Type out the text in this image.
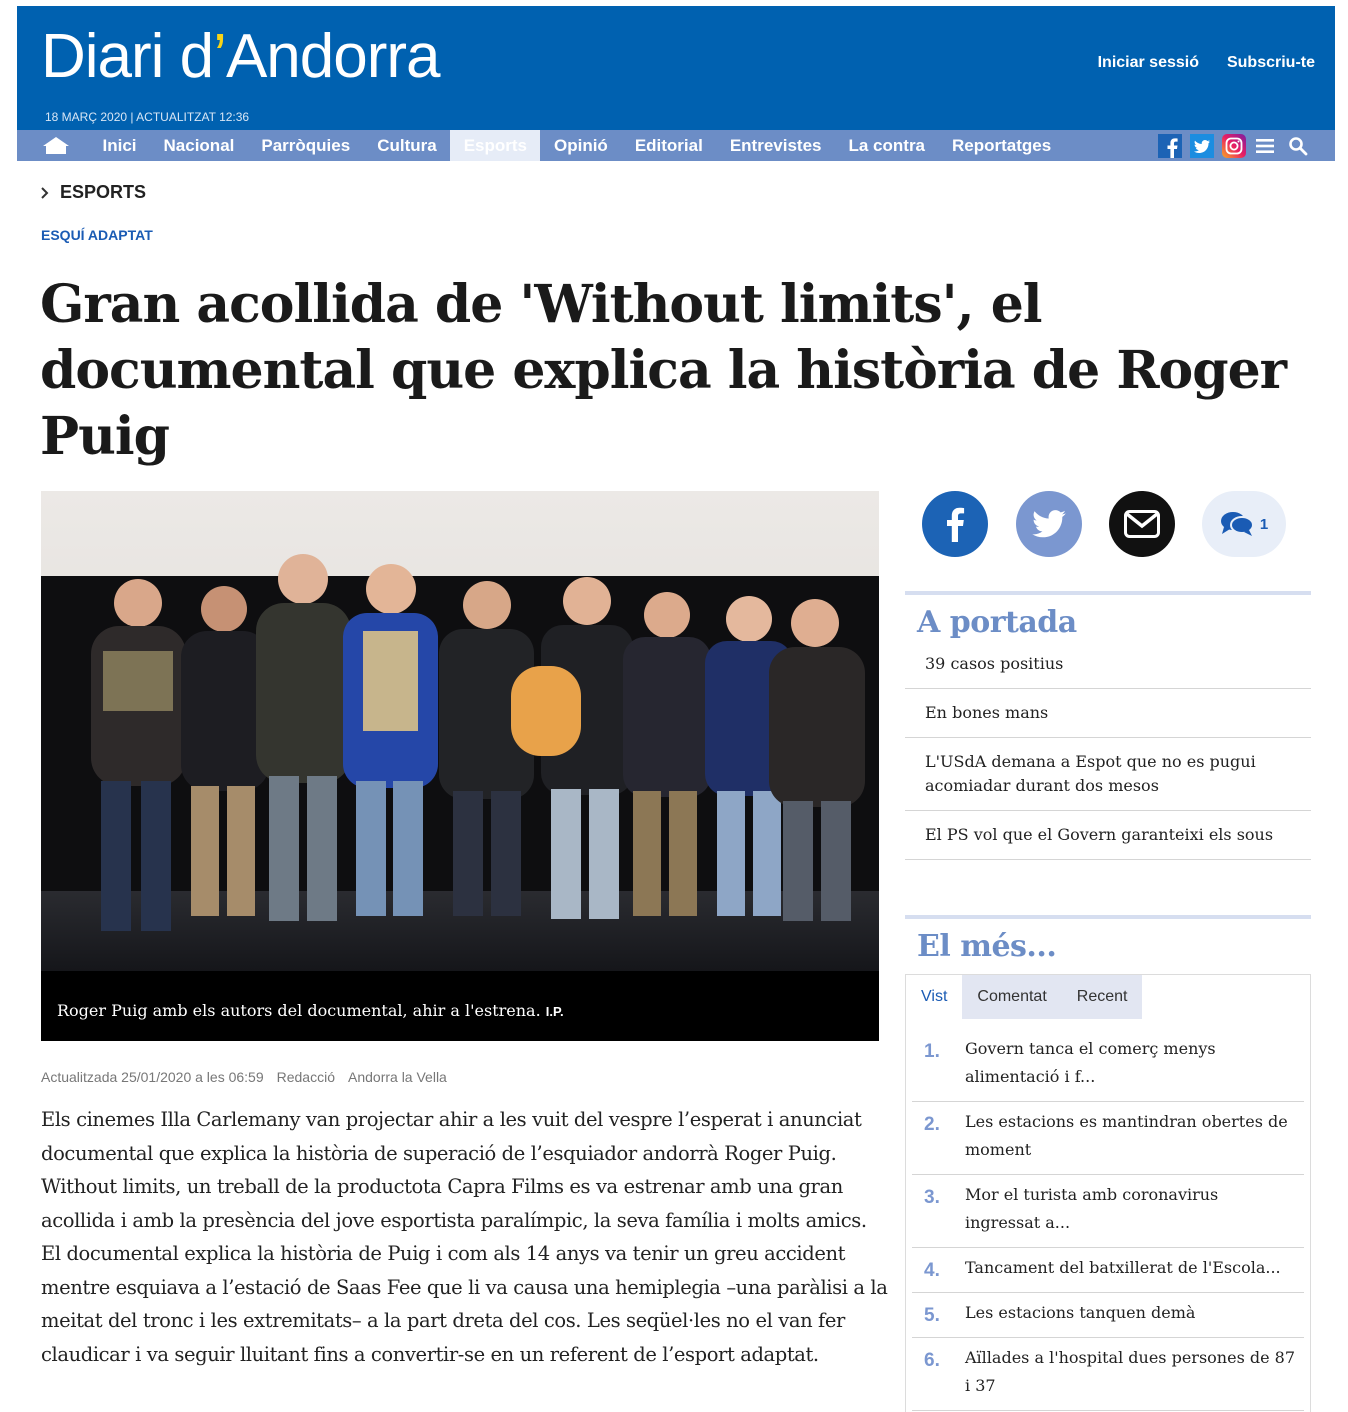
Diari d’Andorra
18 MARÇ 2020 | ACTUALITZAT 12:36
Iniciar sessió Subscriu-te
Inici	Nacional	Parròquies	Cultura	Esports	Opinió	Editorial	Entrevistes	La contra	Reportatges
ESPORTS
ESQUÍ ADAPTAT
Gran acollida de 'Without limits', el documental que explica la història de Roger Puig
Roger Puig amb els autors del documental, ahir a l'estrena. I.P.
Actualitzada 25/01/2020 a les 06:59 Redacció Andorra la Vella

Els cinemes Illa Carlemany van projectar ahir a les vuit del vespre l’esperat i anunciat documental que explica la història de superació de l’esquiador andorrà Roger Puig. Without limits, un treball de la productota Capra Films es va estrenar amb una gran acollida i amb la presència del jove esportista paralímpic, la seva família i molts amics. El documental explica la història de Puig i com als 14 anys va tenir un greu accident mentre esquiava a l’estació de Saas Fee que li va causa una hemiplegia –una paràlisi a la meitat del tronc i les extremitats– a la part dreta del cos. Les seqüel·les no el van fer claudicar i va seguir lluitant fins a convertir-se en un referent de l’esport adaptat.

1
A portada
39 casos positius
En bones mans
L'USdA demana a Espot que no es pugui acomiadar durant dos mesos
El PS vol que el Govern garanteixi els sous
El més...
Vist	Comentat	Recent
1.	Govern tanca el comerç menys alimentació i f...
2.	Les estacions es mantindran obertes de moment
3.	Mor el turista amb coronavirus ingressat a...
4.	Tancament del batxillerat de l'Escola...
5.	Les estacions tanquen demà
6.	Aïllades a l'hospital dues persones de 87 i 37
